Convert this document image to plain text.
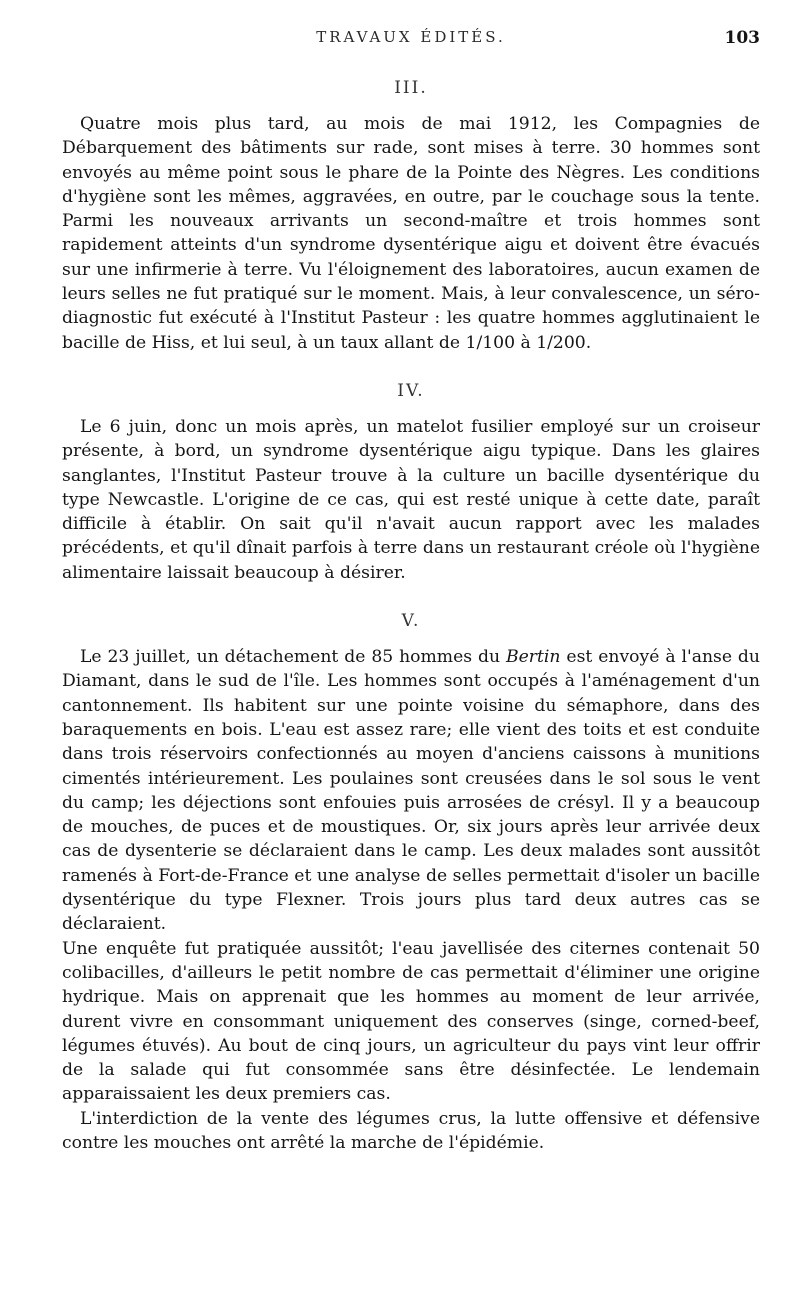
TRAVAUX ÉDITÉS.	103
III.

Quatre mois plus tard, au mois de mai 1912, les Compagnies de Débarquement des bâtiments sur rade, sont mises à terre. 30 hommes sont envoyés au même point sous le phare de la Pointe des Nègres. Les conditions d'hygiène sont les mêmes, aggravées, en outre, par le couchage sous la tente. Parmi les nouveaux arrivants un second-maître et trois hommes sont rapidement atteints d'un syndrome dysentérique aigu et doivent être évacués sur une infirmerie à terre. Vu l'éloignement des laboratoires, aucun examen de leurs selles ne fut pratiqué sur le moment. Mais, à leur convalescence, un séro-diagnostic fut exécuté à l'Institut Pasteur : les quatre hommes agglutinaient le bacille de Hiss, et lui seul, à un taux allant de 1/100 à 1/200.

IV.

Le 6 juin, donc un mois après, un matelot fusilier employé sur un croiseur présente, à bord, un syndrome dysentérique aigu typique. Dans les glaires sanglantes, l'Institut Pasteur trouve à la culture un bacille dysentérique du type Newcastle. L'origine de ce cas, qui est resté unique à cette date, paraît difficile à établir. On sait qu'il n'avait aucun rapport avec les malades précédents, et qu'il dînait parfois à terre dans un restaurant créole où l'hygiène alimentaire laissait beaucoup à désirer.

V.

Le 23 juillet, un détachement de 85 hommes du Bertin est envoyé à l'anse du Diamant, dans le sud de l'île. Les hommes sont occupés à l'aménagement d'un cantonnement. Ils habitent sur une pointe voisine du sémaphore, dans des baraquements en bois. L'eau est assez rare; elle vient des toits et est conduite dans trois réservoirs confectionnés au moyen d'anciens caissons à munitions cimentés intérieurement. Les poulaines sont creusées dans le sol sous le vent du camp; les déjections sont enfouies puis arrosées de crésyl. Il y a beaucoup de mouches, de puces et de moustiques. Or, six jours après leur arrivée deux cas de dysenterie se déclaraient dans le camp. Les deux malades sont aussitôt ramenés à Fort-de-France et une analyse de selles permettait d'isoler un bacille dysentérique du type Flexner. Trois jours plus tard deux autres cas se déclaraient.

Une enquête fut pratiquée aussitôt; l'eau javellisée des citernes contenait 50 colibacilles, d'ailleurs le petit nombre de cas permettait d'éliminer une origine hydrique. Mais on apprenait que les hommes au moment de leur arrivée, durent vivre en consommant uniquement des conserves (singe, corned-beef, légumes étuvés). Au bout de cinq jours, un agriculteur du pays vint leur offrir de la salade qui fut consommée sans être désinfectée. Le lendemain apparaissaient les deux premiers cas.

L'interdiction de la vente des légumes crus, la lutte offensive et défensive contre les mouches ont arrêté la marche de l'épidémie.
